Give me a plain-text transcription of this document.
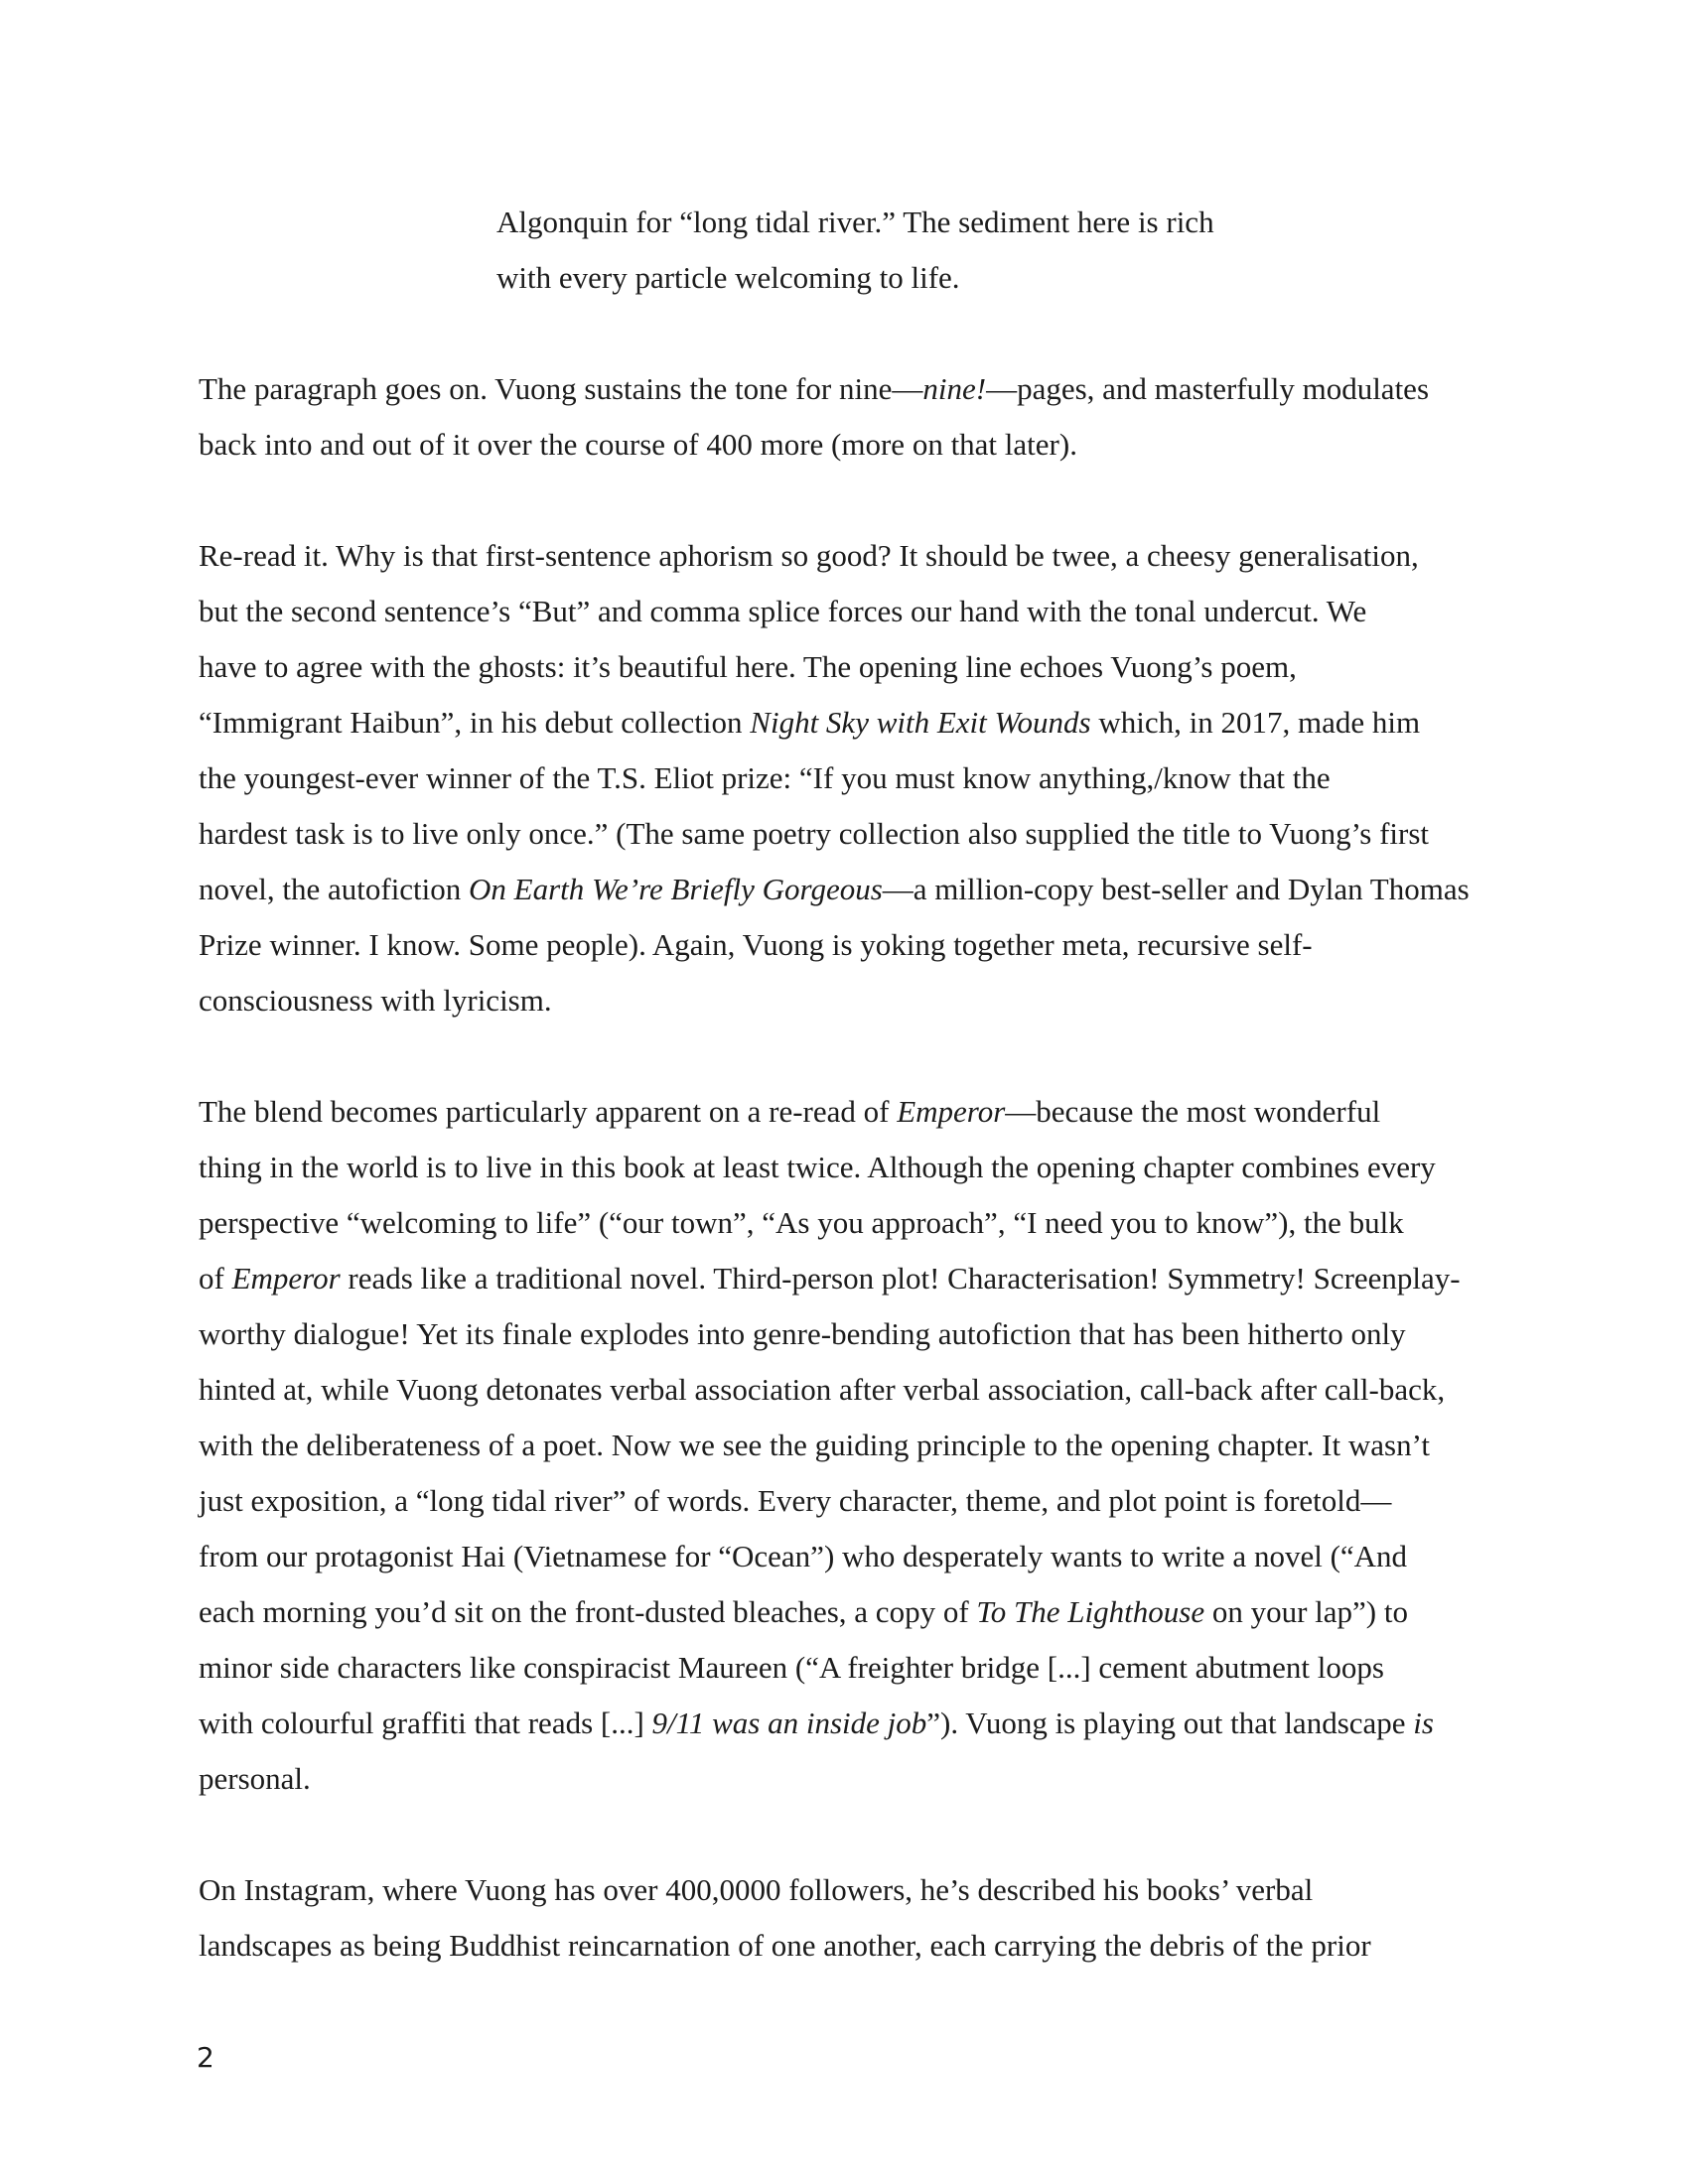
Algonquin for “long tidal river.” The sediment here is rich

with every particle welcoming to life.

The paragraph goes on. Vuong sustains the tone for nine—nine!—pages, and masterfully modulates
back into and out of it over the course of 400 more (more on that later).

Re-read it. Why is that first-sentence aphorism so good? It should be twee, a cheesy generalisation,
but the second sentence’s “But” and comma splice forces our hand with the tonal undercut. We
have to agree with the ghosts: it’s beautiful here. The opening line echoes Vuong’s poem,
“Immigrant Haibun”, in his debut collection Night Sky with Exit Wounds which, in 2017, made him
the youngest-ever winner of the T.S. Eliot prize: “If you must know anything,/know that the
hardest task is to live only once.” (The same poetry collection also supplied the title to Vuong’s first
novel, the autofiction On Earth We’re Briefly Gorgeous—a million-copy best-seller and Dylan Thomas
Prize winner. I know. Some people). Again, Vuong is yoking together meta, recursive self-
consciousness with lyricism.

The blend becomes particularly apparent on a re-read of Emperor—because the most wonderful
thing in the world is to live in this book at least twice. Although the opening chapter combines every
perspective “welcoming to life” (“our town”, “As you approach”, “I need you to know”), the bulk
of Emperor reads like a traditional novel. Third-person plot! Characterisation! Symmetry! Screenplay-
worthy dialogue! Yet its finale explodes into genre-bending autofiction that has been hitherto only
hinted at, while Vuong detonates verbal association after verbal association, call-back after call-back,
with the deliberateness of a poet. Now we see the guiding principle to the opening chapter. It wasn’t
just exposition, a “long tidal river” of words. Every character, theme, and plot point is foretold—
from our protagonist Hai (Vietnamese for “Ocean”) who desperately wants to write a novel (“And
each morning you’d sit on the front-dusted bleaches, a copy of To The Lighthouse on your lap”) to
minor side characters like conspiracist Maureen (“A freighter bridge [...] cement abutment loops
with colourful graffiti that reads [...] 9/11 was an inside job”). Vuong is playing out that landscape is
personal.

On Instagram, where Vuong has over 400,0000 followers, he’s described his books’ verbal
landscapes as being Buddhist reincarnation of one another, each carrying the debris of the prior

2
